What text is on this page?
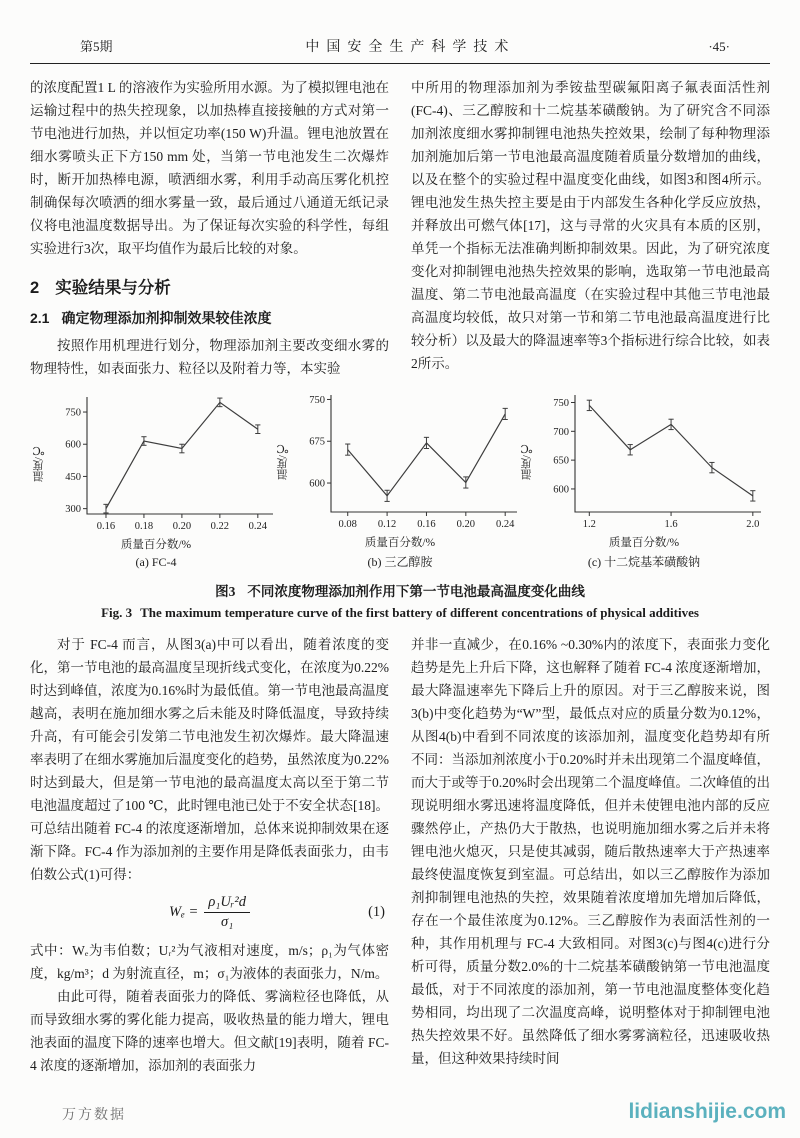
第5期	中国安全生产科学技术	·45·

的浓度配置1 L 的溶液作为实验所用水源。为了模拟锂电池在运输过程中的热失控现象，以加热棒直接接触的方式对第一节电池进行加热，并以恒定功率(150 W)升温。锂电池放置在细水雾喷头正下方150 mm 处，当第一节电池发生二次爆炸时，断开加热棒电源，喷洒细水雾，利用手动高压雾化机控制确保每次喷洒的细水雾量一致，最后通过八通道无纸记录仪将电池温度数据导出。为了保证每次实验的科学性，每组实验进行3次，取平均值作为最后比较的对象。

2 实验结果与分析
2.1 确定物理添加剂抑制效果较佳浓度

按照作用机理进行划分，物理添加剂主要改变细水雾的物理特性，如表面张力、粒径以及附着力等，本实验

中所用的物理添加剂为季铵盐型碳氟阳离子氟表面活性剂(FC-4)、三乙醇胺和十二烷基苯磺酸钠。为了研究含不同添加剂浓度细水雾抑制锂电池热失控效果，绘制了每种物理添加剂施加后第一节电池最高温度随着质量分数增加的曲线，以及在整个的实验过程中温度变化曲线，如图3和图4所示。锂电池发生热失控主要是由于内部发生各种化学反应放热，并释放出可燃气体[17]，这与寻常的火灾具有本质的区别，单凭一个指标无法准确判断抑制效果。因此，为了研究浓度变化对抑制锂电池热失控效果的影响，选取第一节电池最高温度、第二节电池最高温度（在实验过程中其他三节电池最高温度均较低，故只对第一节和第二节电池最高温度进行比较分析）以及最大的降温速率等3个指标进行综合比较，如表2所示。

温度/℃
300
450
600
750
0.16 0.18 0.20 0.22 0.24
质量百分数/%
(a) FC-4
温度/℃
600
675
750
0.08 0.12 0.16 0.20 0.24
质量百分数/%
(b) 三乙醇胺
温度/℃
600
650
700
750
1.2	1.6	2.0
质量百分数/%
(c) 十二烷基苯磺酸钠
图3 不同浓度物理添加剂作用下第一节电池最高温度变化曲线
Fig. 3 The maximum temperature curve of the first battery of different concentrations of physical additives

对于 FC-4 而言，从图3(a)中可以看出，随着浓度的变化，第一节电池的最高温度呈现折线式变化，在浓度为0.22%时达到峰值，浓度为0.16%时为最低值。第一节电池最高温度越高，表明在施加细水雾之后未能及时降低温度，导致持续升高，有可能会引发第二节电池发生初次爆炸。最大降温速率表明了在细水雾施加后温度变化的趋势，虽然浓度为0.22%时达到最大，但是第一节电池的最高温度太高以至于第二节电池温度超过了100 ℃，此时锂电池已处于不安全状态[18]。可总结出随着 FC-4 的浓度逐渐增加，总体来说抑制效果在逐渐下降。FC-4 作为添加剂的主要作用是降低表面张力，由韦伯数公式(1)可得：

$W_e = \frac{\text{ρ₁Uᵣ²d}}{\text{σ₁}}$	(1)

式中：Wₑ为韦伯数；Uᵣ²为气液相对速度，m/s；ρ₁为气体密度，kg/m³；d 为射流直径，m；σ₁为液体的表面张力，N/m。

由此可得，随着表面张力的降低、雾滴粒径也降低，从而导致细水雾的雾化能力提高，吸收热量的能力增大，锂电池表面的温度下降的速率也增大。但文献[19]表明，随着 FC-4 浓度的逐渐增加，添加剂的表面张力

并非一直减少，在0.16% ~0.30%内的浓度下，表面张力变化趋势是先上升后下降，这也解释了随着 FC-4 浓度逐渐增加，最大降温速率先下降后上升的原因。对于三乙醇胺来说，图3(b)中变化趋势为“W”型，最低点对应的质量分数为0.12%，从图4(b)中看到不同浓度的该添加剂，温度变化趋势却有所不同：当添加剂浓度小于0.20%时并未出现第二个温度峰值，而大于或等于0.20%时会出现第二个温度峰值。二次峰值的出现说明细水雾迅速将温度降低，但并未使锂电池内部的反应骤然停止，产热仍大于散热，也说明施加细水雾之后并未将锂电池火熄灭，只是使其减弱，随后散热速率大于产热速率最终使温度恢复到室温。可总结出，如以三乙醇胺作为添加剂抑制锂电池热的失控，效果随着浓度增加先增加后降低，存在一个最佳浓度为0.12%。三乙醇胺作为表面活性剂的一种，其作用机理与 FC-4 大致相同。对图3(c)与图4(c)进行分析可得，质量分数2.0%的十二烷基苯磺酸钠第一节电池温度最低，对于不同浓度的添加剂，第一节电池温度整体变化趋势相同，均出现了二次温度高峰，说明整体对于抑制锂电池热失控效果不好。虽然降低了细水雾雾滴粒径，迅速吸收热量，但这种效果持续时间

万方数据	lidianshijie.com
